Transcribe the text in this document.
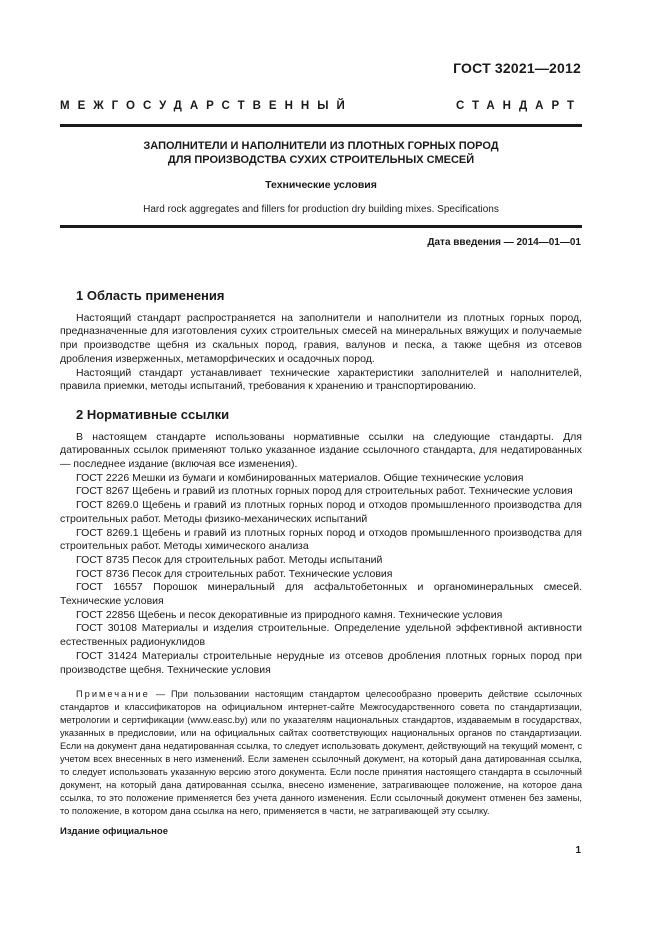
ГОСТ 32021—2012
МЕЖГОСУДАРСТВЕННЫЙ	СТАНДАРТ
ЗАПОЛНИТЕЛИ И НАПОЛНИТЕЛИ ИЗ ПЛОТНЫХ ГОРНЫХ ПОРОД
ДЛЯ ПРОИЗВОДСТВА СУХИХ СТРОИТЕЛЬНЫХ СМЕСЕЙ
Технические условия
Hard rock aggregates and fillers for production dry building mixes. Specifications
Дата введения — 2014—01—01
1 Область применения

Настоящий стандарт распространяется на заполнители и наполнители из плотных горных пород, предназначенные для изготовления сухих строительных смесей на минеральных вяжущих и получаемые при производстве щебня из скальных пород, гравия, валунов и песка, а также щебня из отсевов дробления изверженных, метаморфических и осадочных пород.

Настоящий стандарт устанавливает технические характеристики заполнителей и наполнителей, правила приемки, методы испытаний, требования к хранению и транспортированию.

2 Нормативные ссылки

В настоящем стандарте использованы нормативные ссылки на следующие стандарты. Для датированных ссылок применяют только указанное издание ссылочного стандарта, для недатированных — последнее издание (включая все изменения).

ГОСТ 2226 Мешки из бумаги и комбинированных материалов. Общие технические условия

ГОСТ 8267 Щебень и гравий из плотных горных пород для строительных работ. Технические условия

ГОСТ 8269.0 Щебень и гравий из плотных горных пород и отходов промышленного производства для строительных работ. Методы физико-механических испытаний

ГОСТ 8269.1 Щебень и гравий из плотных горных пород и отходов промышленного производства для строительных работ. Методы химического анализа

ГОСТ 8735 Песок для строительных работ. Методы испытаний

ГОСТ 8736 Песок для строительных работ. Технические условия

ГОСТ 16557 Порошок минеральный для асфальтобетонных и органоминеральных смесей. Технические условия

ГОСТ 22856 Щебень и песок декоративные из природного камня. Технические условия

ГОСТ 30108 Материалы и изделия строительные. Определение удельной эффективной активности естественных радионуклидов

ГОСТ 31424 Материалы строительные нерудные из отсевов дробления плотных горных пород при производстве щебня. Технические условия

Примечание — При пользовании настоящим стандартом целесообразно проверить действие ссылочных стандартов и классификаторов на официальном интернет-сайте Межгосударственного совета по стандартизации, метрологии и сертификации (www.easc.by) или по указателям национальных стандартов, издаваемым в государствах, указанных в предисловии, или на официальных сайтах соответствующих национальных органов по стандартизации. Если на документ дана недатированная ссылка, то следует использовать документ, действующий на текущий момент, с учетом всех внесенных в него изменений. Если заменен ссылочный документ, на который дана датированная ссылка, то следует использовать указанную версию этого документа. Если после принятия настоящего стандарта в ссылочный документ, на который дана датированная ссылка, внесено изменение, затрагивающее положение, на которое дана ссылка, то это положение применяется без учета данного изменения. Если ссылочный документ отменен без замены, то положение, в котором дана ссылка на него, применяется в части, не затрагивающей эту ссылку.

Издание официальное
1
